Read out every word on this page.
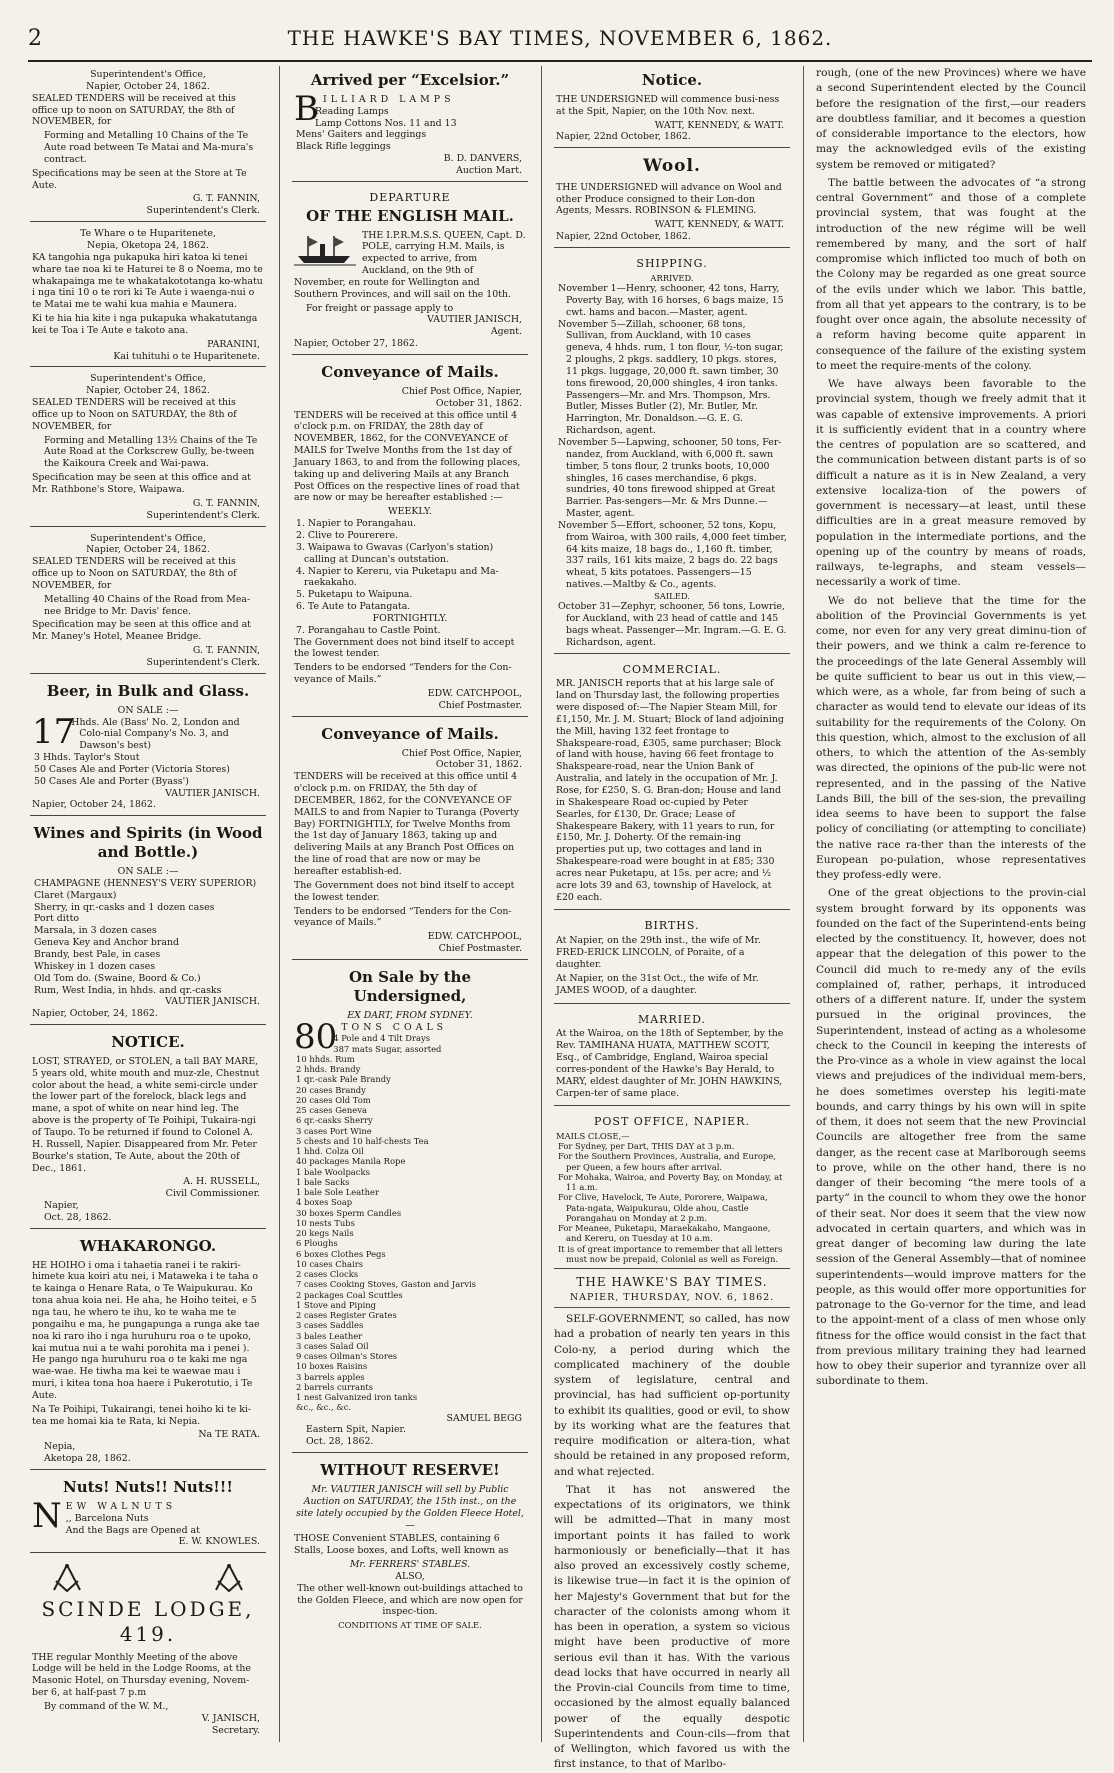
2	THE HAWKE'S BAY TIMES, NOVEMBER 6, 1862.
Superintendent's Office,
Napier, October 24, 1862.

SEALED TENDERS will be received at this office up to noon on SATURDAY, the 8th of NOVEMBER, for

Forming and Metalling 10 Chains of the Te Aute road between Te Matai and Ma-mura's contract.

Specifications may be seen at the Store at Te Aute.

G. T. FANNIN,
Superintendent's Clerk.
Te Whare o te Huparitenete,
Nepia, Oketopa 24, 1862.

KA tangohia nga pukapuka hiri katoa ki tenei whare tae noa ki te Haturei te 8 o Noema, mo te whakapainga me te whakatakototanga ko-whatu i nga tini 10 o te rori ki Te Aute i waenga-nui o te Matai me te wahi kua mahia e Maunera.

Ki te hia hia kite i nga pukapuka whakatutanga kei te Toa i Te Aute e takoto ana.

PARANINI,
Kai tuhituhi o te Huparitenete.
Superintendent's Office,
Napier, October 24, 1862.

SEALED TENDERS will be received at this office up to Noon on SATURDAY, the 8th of NOVEMBER, for

Forming and Metalling 13½ Chains of the Te Aute Road at the Corkscrew Gully, be-tween the Kaikoura Creek and Wai-pawa.

Specification may be seen at this office and at Mr. Rathbone's Store, Waipawa.

G. T. FANNIN,
Superintendent's Clerk.
Superintendent's Office,
Napier, October 24, 1862.

SEALED TENDERS will be received at this office up to Noon on SATURDAY, the 8th of NOVEMBER, for

Metalling 40 Chains of the Road from Mea-nee Bridge to Mr. Davis' fence.

Specification may be seen at this office and at Mr. Maney's Hotel, Meanee Bridge.

G. T. FANNIN,
Superintendent's Clerk.
Beer, in Bulk and Glass.
ON SALE :—
17
Hhds. Ale (Bass' No. 2, London and Colo-nial Company's No. 3, and Dawson's best)
3 Hhds. Taylor's Stout
50 Cases Ale and Porter (Victoria Stores)
50 Cases Ale and Porter (Byass')
VAUTIER JANISCH.
Napier, October 24, 1862.
Wines and Spirits (in Wood and Bottle.)
ON SALE :—
CHAMPAGNE (HENNESY'S VERY SUPERIOR)
Claret (Margaux)
Sherry, in qr.-casks and 1 dozen cases
Port ditto
Marsala, in 3 dozen cases
Geneva Key and Anchor brand
Brandy, best Pale, in cases
Whiskey in 1 dozen cases
Old Tom do. (Swaine, Boord & Co.)
Rum, West India, in hhds. and qr.-casks
VAUTIER JANISCH.
Napier, October, 24, 1862.
NOTICE.

LOST, STRAYED, or STOLEN, a tall BAY MARE, 5 years old, white mouth and muz-zle, Chestnut color about the head, a white semi-circle under the lower part of the forelock, black legs and mane, a spot of white on near hind leg. The above is the property of Te Poihipi, Tukaira-ngi of Taupo. To be returned if found to Colonel A. H. Russell, Napier. Disappeared from Mr. Peter Bourke's station, Te Aute, about the 20th of Dec., 1861.

A. H. RUSSELL,
Civil Commissioner.
Napier,
Oct. 28, 1862.
WHAKARONGO.

HE HOIHO i oma i tahaetia ranei i te rakiri-himete kua koiri atu nei, i Mataweka i te taha o te kainga o Henare Rata, o Te Waipukurau. Ko tona ahua koia nei. He aha, he Hoiho teitei, e 5 nga tau, he whero te ihu, ko te waha me te pongaihu e ma, he pungapunga a runga ake tae noa ki raro iho i nga huruhuru roa o te upoko, kai mutua nui a te wahi porohita ma i penei ). He pango nga huruhuru roa o te kaki me nga wae-wae. He tiwha ma kei te waewae mau i muri, i kitea tona hoa haere i Pukerotutio, i Te Aute.

Na Te Poihipi, Tukairangi, tenei hoiho ki te ki-tea me homai kia te Rata, ki Nepia.

Na TE RATA.
Nepia,
Aketopa 28, 1862.
Nuts! Nuts!! Nuts!!!
N EW WALNUTS
,, Barcelona Nuts
And the Bags are Opened at
E. W. KNOWLES.
SCINDE LODGE, 419.

THE regular Monthly Meeting of the above Lodge will be held in the Lodge Rooms, at the Masonic Hotel, on Thursday evening, Novem-ber 6, at half-past 7 p.m

By command of the W. M.,
V. JANISCH,
Secretary.
Arrived per “Excelsior.”
B ILLIARD LAMPS
Reading Lamps
Lamp Cottons Nos. 11 and 13
Mens' Gaiters and leggings
Black Rifle leggings
B. D. DANVERS,
Auction Mart.
DEPARTURE
OF THE ENGLISH MAIL.

THE I.P.R.M.S.S. QUEEN, Capt. D. POLE, carrying H.M. Mails, is expected to arrive, from Auckland, on the 9th of November, en route for Wellington and Southern Provinces, and will sail on the 10th.

For freight or passage apply to
VAUTIER JANISCH,
Agent.
Napier, October 27, 1862.
Conveyance of Mails.
Chief Post Office, Napier,
October 31, 1862.

TENDERS will be received at this office until 4 o'clock p.m. on FRIDAY, the 28th day of NOVEMBER, 1862, for the CONVEYANCE of MAILS for Twelve Months from the 1st day of January 1863, to and from the following places, taking up and delivering Mails at any Branch Post Offices on the respective lines of road that are now or may be hereafter established :—

WEEKLY.
1. Napier to Porangahau.
2. Clive to Pourerere.
3. Waipawa to Gwavas (Carlyon's station) calling at Duncan's outstation.
4. Napier to Kereru, via Puketapu and Ma-raekakaho.
5. Puketapu to Waipuna.
6. Te Aute to Patangata.
FORTNIGHTLY.
7. Porangahau to Castle Point.

The Government does not bind itself to accept the lowest tender.

Tenders to be endorsed “Tenders for the Con-veyance of Mails.”

EDW. CATCHPOOL,
Chief Postmaster.
Conveyance of Mails.
Chief Post Office, Napier,
October 31, 1862.

TENDERS will be received at this office until 4 o'clock p.m. on FRIDAY, the 5th day of DECEMBER, 1862, for the CONVEYANCE OF MAILS to and from Napier to Turanga (Poverty Bay) FORTNIGHTLY, for Twelve Months from the 1st day of January 1863, taking up and delivering Mails at any Branch Post Offices on the line of road that are now or may be hereafter establish-ed.

The Government does not bind itself to accept the lowest tender.

Tenders to be endorsed “Tenders for the Con-veyance of Mails.”

EDW. CATCHPOOL,
Chief Postmaster.
On Sale by the Undersigned,
EX DART, FROM SYDNEY.
80 TONS COALS
4 Pole and 4 Tilt Drays
387 mats Sugar, assorted
10 hhds. Rum
2 hhds. Brandy
1 qr.-cask Pale Brandy
20 cases Brandy
20 cases Old Tom
25 cases Geneva
6 qr.-casks Sherry
3 cases Port Wine
5 chests and 10 half-chests Tea
1 hhd. Colza Oil
40 packages Manila Rope
1 bale Woolpacks
1 bale Sacks
1 bale Sole Leather
4 boxes Soap
30 boxes Sperm Candles
10 nests Tubs
20 kegs Nails
6 Ploughs
6 boxes Clothes Pegs
10 cases Chairs
2 cases Clocks
7 cases Cooking Stoves, Gaston and Jarvis
2 packages Coal Scuttles
1 Stove and Piping
2 cases Register Grates
3 cases Saddles
3 bales Leather
3 cases Salad Oil
9 cases Oilman's Stores
10 boxes Raisins
3 barrels apples
2 barrels currants
1 nest Galvanized iron tanks
&c., &c., &c.
SAMUEL BEGG
Eastern Spit, Napier.
Oct. 28, 1862.
WITHOUT RESERVE!

Mr. VAUTIER JANISCH will sell by Public Auction on SATURDAY, the 15th inst., on the site lately occupied by the Golden Fleece Hotel,—

THOSE Convenient STABLES, containing 6 Stalls, Loose boxes, and Lofts, well known as

Mr. FERRERS' STABLES.
ALSO,

The other well-known out-buildings attached to the Golden Fleece, and which are now open for inspec-tion.

CONDITIONS AT TIME OF SALE.
Notice.

THE UNDERSIGNED will commence busi-ness at the Spit, Napier, on the 10th Nov. next.

WATT, KENNEDY, & WATT.
Napier, 22nd October, 1862.
Wool.

THE UNDERSIGNED will advance on Wool and other Produce consigned to their Lon-don Agents, Messrs. ROBINSON & FLEMING.

WATT, KENNEDY, & WATT.
Napier, 22nd October, 1862.
SHIPPING.
ARRIVED.
November 1—Henry, schooner, 42 tons, Harry, Poverty Bay, with 16 horses, 6 bags maize, 15 cwt. hams and bacon.—Master, agent.
November 5—Zillah, schooner, 68 tons, Sullivan, from Auckland, with 10 cases geneva, 4 hhds. rum, 1 ton flour, ½-ton sugar, 2 ploughs, 2 pkgs. saddlery, 10 pkgs. stores, 11 pkgs. luggage, 20,000 ft. sawn timber, 30 tons firewood, 20,000 shingles, 4 iron tanks. Passengers—Mr. and Mrs. Thompson, Mrs. Butler, Misses Butler (2), Mr. Butler, Mr. Harrington, Mr. Donaldson.—G. E. G. Richardson, agent.
November 5—Lapwing, schooner, 50 tons, Fer-nandez, from Auckland, with 6,000 ft. sawn timber, 5 tons flour, 2 trunks boots, 10,000 shingles, 16 cases merchandise, 6 pkgs. sundries, 40 tons firewood shipped at Great Barrier. Pas-sengers—Mr. & Mrs Dunne.—Master, agent.
November 5—Effort, schooner, 52 tons, Kopu, from Wairoa, with 300 rails, 4,000 feet timber, 64 kits maize, 18 bags do., 1,160 ft. timber, 337 rails, 161 kits maize, 2 bags do. 22 bags wheat, 5 kits potatoes. Passengers—15 natives.—Maltby & Co., agents.
SAILED.
October 31—Zephyr, schooner, 56 tons, Lowrie, for Auckland, with 23 head of cattle and 145 bags wheat. Passenger—Mr. Ingram.—G. E. G. Richardson, agent.
COMMERCIAL.

MR. JANISCH reports that at his large sale of land on Thursday last, the following properties were disposed of:—The Napier Steam Mill, for £1,150, Mr. J. M. Stuart; Block of land adjoining the Mill, having 132 feet frontage to Shakspeare-road, £305, same purchaser; Block of land with house, having 66 feet frontage to Shakspeare-road, near the Union Bank of Australia, and lately in the occupation of Mr. J. Rose, for £250, S. G. Bran-don; House and land in Shakespeare Road oc-cupied by Peter Searles, for £130, Dr. Grace; Lease of Shakespeare Bakery, with 11 years to run, for £150, Mr. J. Doherty. Of the remain-ing properties put up, two cottages and land in Shakespeare-road were bought in at £85; 330 acres near Puketapu, at 15s. per acre; and ½ acre lots 39 and 63, township of Havelock, at £20 each.

BIRTHS.

At Napier, on the 29th inst., the wife of Mr. FRED-ERICK LINCOLN, of Poraite, of a daughter.

At Napier, on the 31st Oct., the wife of Mr. JAMES WOOD, of a daughter.

MARRIED.

At the Wairoa, on the 18th of September, by the Rev. TAMIHANA HUATA, MATTHEW SCOTT, Esq., of Cambridge, England, Wairoa special corres-pondent of the Hawke's Bay Herald, to MARY, eldest daughter of Mr. JOHN HAWKINS, Carpen-ter of same place.

POST OFFICE, NAPIER.
MAILS CLOSE,—
For Sydney, per Dart, THIS DAY at 3 p.m.
For the Southern Provinces, Australia, and Europe, per Queen, a few hours after arrival.
For Mohaka, Wairoa, and Poverty Bay, on Monday, at 11 a.m.
For Clive, Havelock, Te Aute, Pororere, Waipawa, Pata-ngata, Waipukurau, Olde ahou, Castle Porangahau on Monday at 2 p.m.
For Meanee, Puketapu, Maraekakaho, Mangaone, and Kereru, on Tuesday at 10 a.m.
It is of great importance to remember that all letters must now be prepaid, Colonial as well as Foreign.
THE HAWKE'S BAY TIMES.
NAPIER, THURSDAY, NOV. 6, 1862.

SELF-GOVERNMENT, so called, has now had a probation of nearly ten years in this Colo-ny, a period during which the complicated machinery of the double system of legislature, central and provincial, has had sufficient op-portunity to exhibit its qualities, good or evil, to show by its working what are the features that require modification or altera-tion, what should be retained in any proposed reform, and what rejected.

That it has not answered the expectations of its originators, we think will be admitted—That in many most important points it has failed to work harmoniously or beneficially—that it has also proved an excessively costly scheme, is likewise true—in fact it is the opinion of her Majesty's Government that but for the character of the colonists among whom it has been in operation, a system so vicious might have been productive of more serious evil than it has. With the various dead locks that have occurred in nearly all the Provin-cial Councils from time to time, occasioned by the almost equally balanced power of the equally despotic Superintendents and Coun-cils—from that of Wellington, which favored us with the first instance, to that of Marlbo-

rough, (one of the new Provinces) where we have a second Superintendent elected by the Council before the resignation of the first,—our readers are doubtless familiar, and it becomes a question of considerable importance to the electors, how may the acknowledged evils of the existing system be removed or mitigated?

The battle between the advocates of “a strong central Government” and those of a complete provincial system, that was fought at the introduction of the new régime will be well remembered by many, and the sort of half compromise which inflicted too much of both on the Colony may be regarded as one great source of the evils under which we labor. This battle, from all that yet appears to the contrary, is to be fought over once again, the absolute necessity of a reform having become quite apparent in consequence of the failure of the existing system to meet the require-ments of the colony.

We have always been favorable to the provincial system, though we freely admit that it was capable of extensive improvements. A priori it is sufficiently evident that in a country where the centres of population are so scattered, and the communication between distant parts is of so difficult a nature as it is in New Zealand, a very extensive localiza-tion of the powers of government is necessary—at least, until these difficulties are in a great measure removed by population in the intermediate portions, and the opening up of the country by means of roads, railways, te-legraphs, and steam vessels—necessarily a work of time.

We do not believe that the time for the abolition of the Provincial Governments is yet come, nor even for any very great diminu-tion of their powers, and we think a calm re-ference to the proceedings of the late General Assembly will be quite sufficient to bear us out in this view,—which were, as a whole, far from being of such a character as would tend to elevate our ideas of its suitability for the requirements of the Colony. On this question, which, almost to the exclusion of all others, to which the attention of the As-sembly was directed, the opinions of the pub-lic were not represented, and in the passing of the Native Lands Bill, the bill of the ses-sion, the prevailing idea seems to have been to support the false policy of conciliating (or attempting to conciliate) the native race ra-ther than the interests of the European po-pulation, whose representatives they profess-edly were.

One of the great objections to the provin-cial system brought forward by its opponents was founded on the fact of the Superintend-ents being elected by the constituency. It, however, does not appear that the delegation of this power to the Council did much to re-medy any of the evils complained of, rather, perhaps, it introduced others of a different nature. If, under the system pursued in the original provinces, the Superintendent, instead of acting as a wholesome check to the Council in keeping the interests of the Pro-vince as a whole in view against the local views and prejudices of the individual mem-bers, he does sometimes overstep his legiti-mate bounds, and carry things by his own will in spite of them, it does not seem that the new Provincial Councils are altogether free from the same danger, as the recent case at Marlborough seems to prove, while on the other hand, there is no danger of their becoming “the mere tools of a party” in the council to whom they owe the honor of their seat. Nor does it seem that the view now advocated in certain quarters, and which was in great danger of becoming law during the late session of the General Assembly—that of nominee superintendents—would improve matters for the people, as this would offer more opportunities for patronage to the Go-vernor for the time, and lead to the appoint-ment of a class of men whose only fitness for the office would consist in the fact that from previous military training they had learned how to obey their superior and tyrannize over all subordinate to them.
